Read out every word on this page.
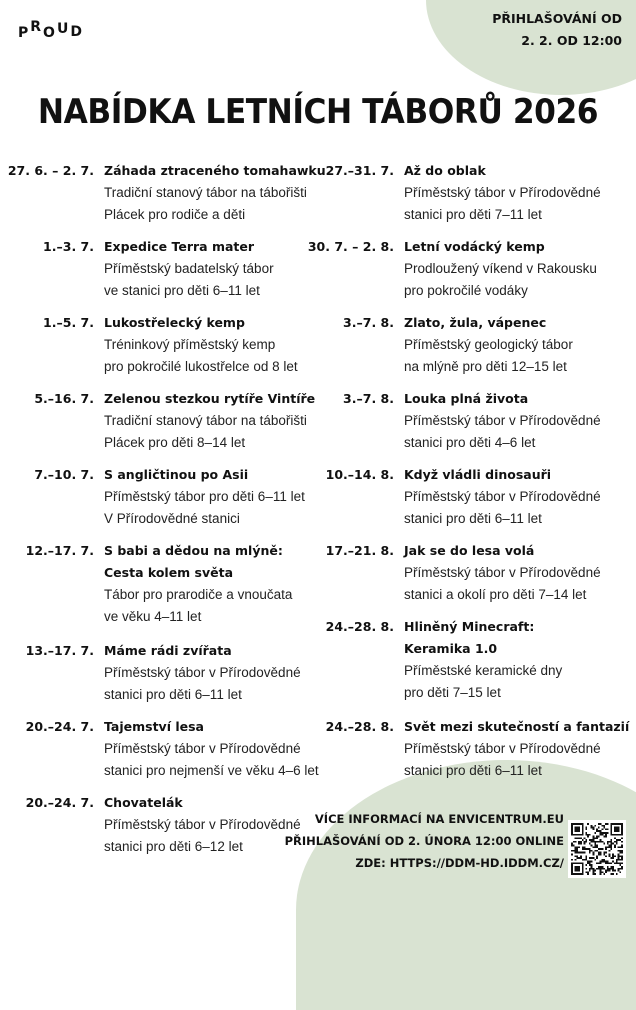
PROUD
PŘIHLAŠOVÁNÍ OD
2. 2. OD 12:00
NABÍDKA LETNÍCH TÁBORŮ 2026
27. 6. – 2. 7. Záhada ztraceného tomahawku
Tradiční stanový tábor na tábořišti
Plácek pro rodiče a děti
1.–3. 7. Expedice Terra mater
Příměstský badatelský tábor
ve stanici pro děti 6–11 let
1.–5. 7. Lukostřelecký kemp
Tréninkový příměstský kemp
pro pokročilé lukostřelce od 8 let
5.–16. 7. Zelenou stezkou rytíře Vintíře
Tradiční stanový tábor na tábořišti
Plácek pro děti 8–14 let
7.–10. 7. S angličtinou po Asii
Příměstský tábor pro děti 6–11 let
V Přírodovědné stanici
12.–17. 7. S babi a dědou na mlýně:
Cesta kolem světa
Tábor pro prarodiče a vnoučata
ve věku 4–11 let
13.–17. 7. Máme rádi zvířata
Příměstský tábor v Přírodovědné
stanici pro děti 6–11 let
20.–24. 7. Tajemství lesa
Příměstský tábor v Přírodovědné
stanici pro nejmenší ve věku 4–6 let
20.–24. 7. Chovatelák
Příměstský tábor v Přírodovědné
stanici pro děti 6–12 let
27.–31. 7. Až do oblak
Příměstský tábor v Přírodovědné
stanici pro děti 7–11 let
30. 7. – 2. 8. Letní vodácký kemp
Prodloužený víkend v Rakousku
pro pokročilé vodáky
3.–7. 8. Zlato, žula, vápenec
Příměstský geologický tábor
na mlýně pro děti 12–15 let
3.–7. 8. Louka plná života
Příměstský tábor v Přírodovědné
stanici pro děti 4–6 let
10.–14. 8. Když vládli dinosauři
Příměstský tábor v Přírodovědné
stanici pro děti 6–11 let
17.–21. 8. Jak se do lesa volá
Příměstský tábor v Přírodovědné
stanici a okolí pro děti 7–14 let
24.–28. 8. Hliněný Minecraft:
Keramika 1.0
Příměstské keramické dny
pro děti 7–15 let
24.–28. 8. Svět mezi skutečností a fantazií
Příměstský tábor v Přírodovědné
stanici pro děti 6–11 let
VÍCE INFORMACÍ NA ENVICENTRUM.EU
PŘIHLAŠOVÁNÍ OD 2. ÚNORA 12:00 ONLINE
ZDE: HTTPS://DDM-HD.IDDM.CZ/
